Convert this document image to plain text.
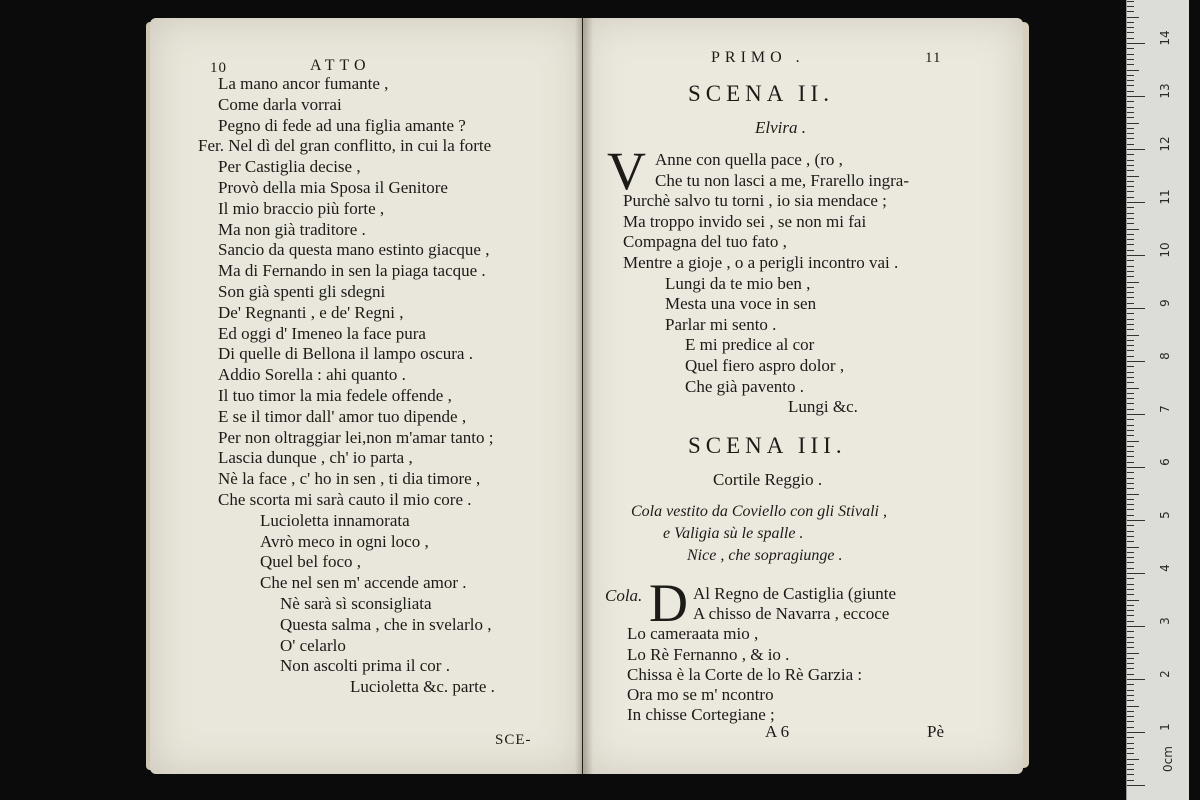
10	ATTO
La mano ancor fumante ,
Come darla vorrai
Pegno di fede ad una figlia amante ?
Fer. Nel dì del gran conflitto, in cui la forte
Per Castiglia decise ,
Provò della mia Sposa il Genitore
Il mio braccio più forte ,
Ma non già traditore .
Sancio da questa mano estinto giacque ,
Ma di Fernando in sen la piaga tacque .
Son già spenti gli sdegni
De' Regnanti , e de' Regni ,
Ed oggi d' Imeneo la face pura
Di quelle di Bellona il lampo oscura .
Addio Sorella : ahi quanto .
Il tuo timor la mia fedele offende ,
E se il timor dall' amor tuo dipende ,
Per non oltraggiar lei,non m'amar tanto ;
Lascia dunque , ch' io parta ,
Nè la face , c' ho in sen , ti dia timore ,
Che scorta mi sarà cauto il mio core .
Lucioletta innamorata
Avrò meco in ogni loco ,
Quel bel foco ,
Che nel sen m' accende amor .
Nè sarà sì sconsigliata
Questa salma , che in svelarlo ,
O' celarlo
Non ascolti prima il cor .
Lucioletta &c. parte .
SCE-
PRIMO .	11
SCENA II.
Elvira .
V Anne con quella pace , (ro ,
Che tu non lasci a me, Frarello ingra-
Purchè salvo tu torni , io sia mendace ;
Ma troppo invido sei , se non mi fai
Compagna del tuo fato ,
Mentre a gioje , o a perigli incontro vai .
Lungi da te mio ben ,
Mesta una voce in sen
Parlar mi sento .
E mi predice al cor
Quel fiero aspro dolor ,
Che già pavento .
Lungi &c.
SCENA III.
Cortile Reggio .
Cola vestito da Coviello con gli Stivali ,
e Valigia sù le spalle .
Nice , che sopragiunge .
Cola. D Al Regno de Castiglia (giunte
A chisso de Navarra , eccoce
Lo cameraata mio ,
Lo Rè Fernanno , & io .
Chissa è la Corte de lo Rè Garzia :
Ora mo se m' ncontro
In chisse Cortegiane ;
A 6	Pè
0cm
1
2
3
4
5
6
7
8
9
10
11
12
13
14
